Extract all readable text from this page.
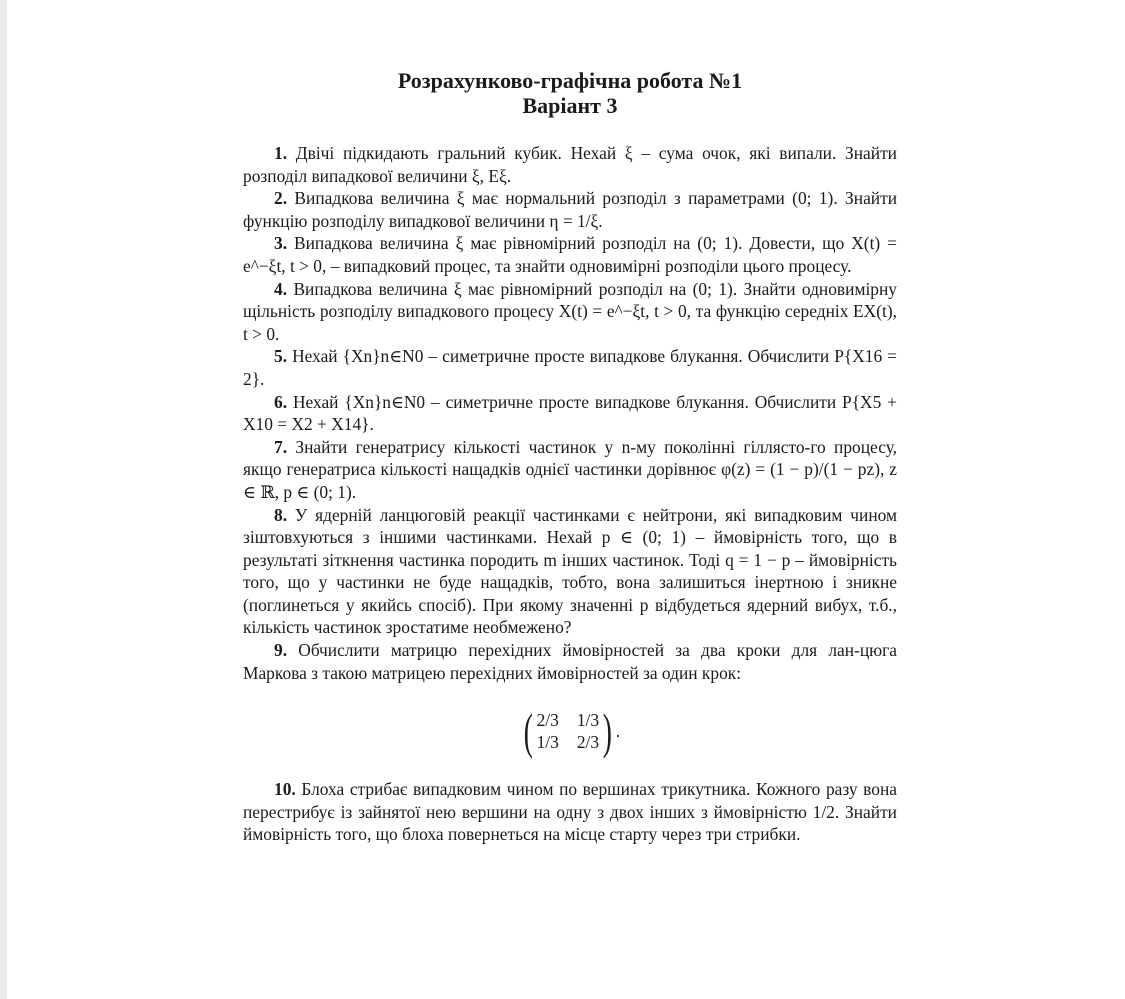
Розрахунково-графічна робота №1
Варіант 3

1. Двічі підкидають гральний кубик. Нехай ξ – сума очок, які випали. Знайти розподіл випадкової величини ξ, Eξ.

2. Випадкова величина ξ має нормальний розподіл з параметрами (0; 1). Знайти функцію розподілу випадкової величини η = 1/ξ.

3. Випадкова величина ξ має рівномірний розподіл на (0; 1). Довести, що X(t) = e^−ξt, t > 0, – випадковий процес, та знайти одновимірні розподіли цього процесу.

4. Випадкова величина ξ має рівномірний розподіл на (0; 1). Знайти одновимірну щільність розподілу випадкового процесу X(t) = e^−ξt, t > 0, та функцію середніх EX(t), t > 0.

5. Нехай {Xn}n∈N0 – симетричне просте випадкове блукання. Обчислити P{X16 = 2}.

6. Нехай {Xn}n∈N0 – симетричне просте випадкове блукання. Обчислити P{X5 + X10 = X2 + X14}.

7. Знайти генератрису кількості частинок у n-му поколінні гіллясто-го процесу, якщо генератриса кількості нащадків однієї частинки дорівнює φ(z) = (1 − p)/(1 − pz), z ∈ ℝ, p ∈ (0; 1).

8. У ядерній ланцюговій реакції частинками є нейтрони, які випадковим чином зіштовхуються з іншими частинками. Нехай p ∈ (0; 1) – ймовірність того, що в результаті зіткнення частинка породить m інших частинок. Тоді q = 1 − p – ймовірність того, що у частинки не буде нащадків, тобто, вона залишиться інертною і зникне (поглинеться у якийсь спосіб). При якому значенні p відбудеться ядерний вибух, т.б., кількість частинок зростатиме необмежено?

9. Обчислити матрицю перехідних ймовірностей за два кроки для лан-цюга Маркова з такою матрицею перехідних ймовірностей за один крок:

( 2/3 1/3
1/3 2/3 ) .

10. Блоха стрибає випадковим чином по вершинах трикутника. Кожного разу вона перестрибує із зайнятої нею вершини на одну з двох інших з ймовірністю 1/2. Знайти ймовірність того, що блоха повернеться на місце старту через три стрибки.
